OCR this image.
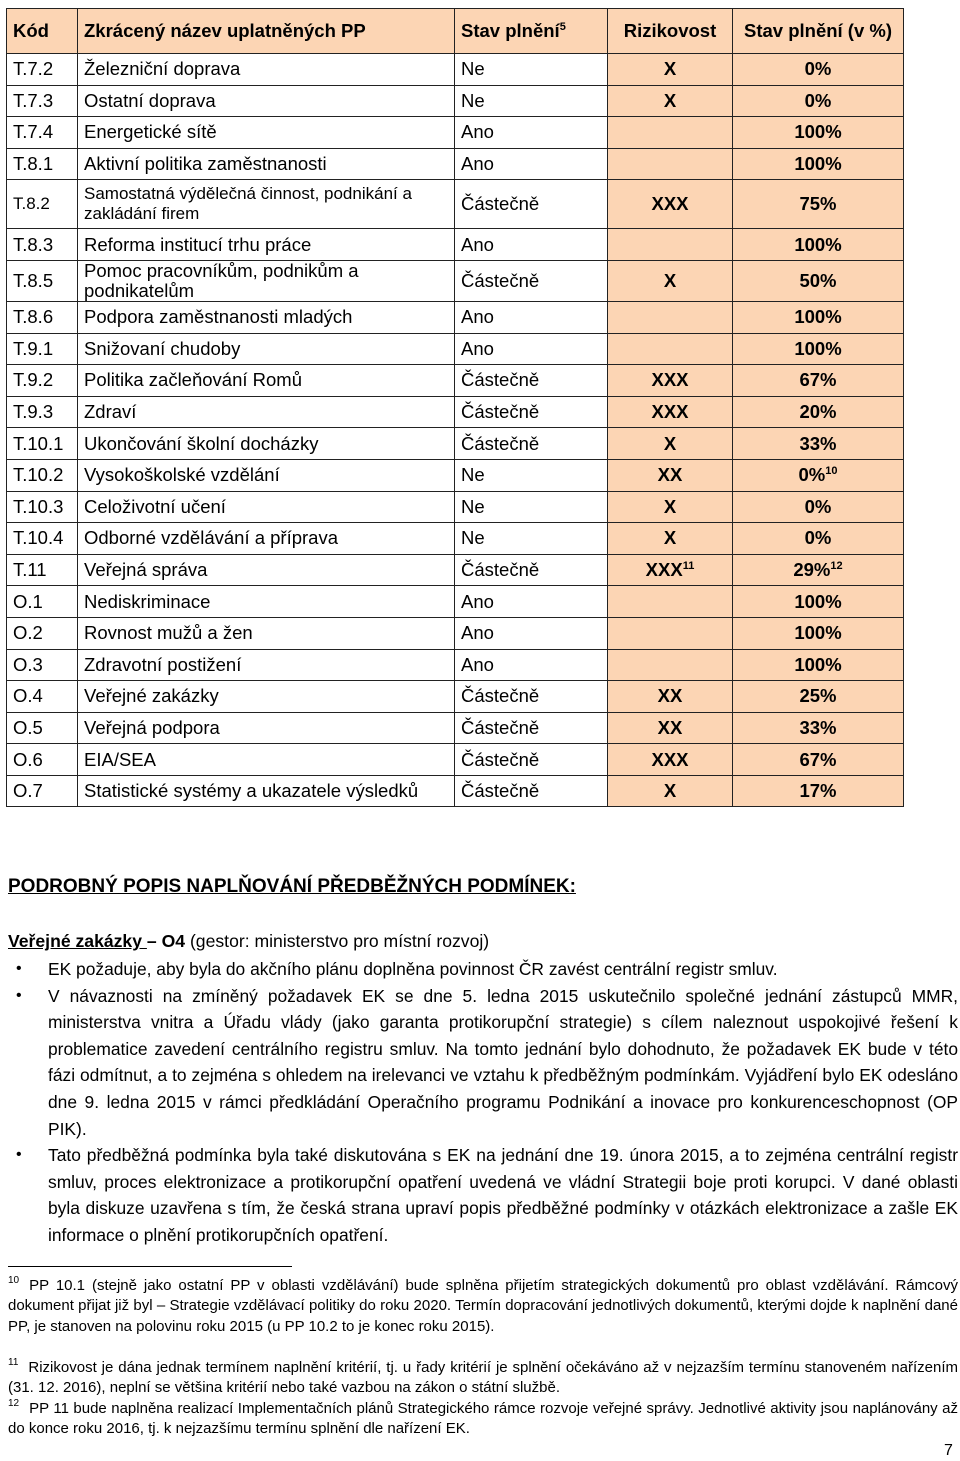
Kód	Zkrácený název uplatněných PP	Stav plnění$^5$	Rizikovost	Stav plnění (v %)
T.7.2	Železniční doprava	Ne	X	0%
T.7.3	Ostatní doprava	Ne	X	0%
T.7.4	Energetické sítě	Ano		100%
T.8.1	Aktivní politika zaměstnanosti	Ano		100%
T.8.2	Samostatná výdělečná činnost, podnikání a zakládání firem	Částečně	XXX	75%
T.8.3	Reforma institucí trhu práce	Ano		100%
T.8.5	Pomoc pracovníkům, podnikům a podnikatelům	Částečně	X	50%
T.8.6	Podpora zaměstnanosti mladých	Ano		100%
T.9.1	Snižovaní chudoby	Ano		100%
T.9.2	Politika začleňování Romů	Částečně	XXX	67%
T.9.3	Zdraví	Částečně	XXX	20%
T.10.1	Ukončování školní docházky	Částečně	X	33%
T.10.2	Vysokoškolské vzdělání	Ne	XX	0%$^{10}$
T.10.3	Celoživotní učení	Ne	X	0%
T.10.4	Odborné vzdělávání a příprava	Ne	X	0%
T.11	Veřejná správa	Částečně	XXX$^{11}$	29%$^{12}$
O.1	Nediskriminace	Ano		100%
O.2	Rovnost mužů a žen	Ano		100%
O.3	Zdravotní postižení	Ano		100%
O.4	Veřejné zakázky	Částečně	XX	25%
O.5	Veřejná podpora	Částečně	XX	33%
O.6	EIA/SEA	Částečně	XXX	67%
O.7	Statistické systémy a ukazatele výsledků	Částečně	X	17%
PODROBNÝ POPIS NAPLŇOVÁNÍ PŘEDBĚŽNÝCH PODMÍNEK:
Veřejné zakázky – O4 (gestor: ministerstvo pro místní rozvoj)
• EK požaduje, aby byla do akčního plánu doplněna povinnost ČR zavést centrální registr smluv.
• V návaznosti na zmíněný požadavek EK se dne 5. ledna 2015 uskutečnilo společné jednání zástupců MMR, ministerstva vnitra a Úřadu vlády (jako garanta protikorupční strategie) s cílem naleznout uspokojivé řešení k problematice zavedení centrálního registru smluv. Na tomto jednání bylo dohodnuto, že požadavek EK bude v této fázi odmítnut, a to zejména s ohledem na irelevanci ve vztahu k předběžným podmínkám. Vyjádření bylo EK odesláno dne 9. ledna 2015 v rámci předkládání Operačního programu Podnikání a inovace pro konkurenceschopnost (OP PIK).
• Tato předběžná podmínka byla také diskutována s EK na jednání dne 19. února 2015, a to zejména centrální registr smluv, proces elektronizace a protikorupční opatření uvedená ve vládní Strategii boje proti korupci. V dané oblasti byla diskuze uzavřena s tím, že česká strana upraví popis předběžné podmínky v otázkách elektronizace a zašle EK informace o plnění protikorupčních opatření.
$^{10}$ PP 10.1 (stejně jako ostatní PP v oblasti vzdělávání) bude splněna přijetím strategických dokumentů pro oblast vzdělávání. Rámcový dokument přijat již byl – Strategie vzdělávací politiky do roku 2020. Termín dopracování jednotlivých dokumentů, kterými dojde k naplnění dané PP, je stanoven na polovinu roku 2015 (u PP 10.2 to je konec roku 2015).
$^{11}$ Rizikovost je dána jednak termínem naplnění kritérií, tj. u řady kritérií je splnění očekáváno až v nejzazším termínu stanoveném nařízením (31. 12. 2016), neplní se většina kritérií nebo také vazbou na zákon o státní službě.
$^{12}$ PP 11 bude naplněna realizací Implementačních plánů Strategického rámce rozvoje veřejné správy. Jednotlivé aktivity jsou naplánovány až do konce roku 2016, tj. k nejzazšímu termínu splnění dle nařízení EK.
7
